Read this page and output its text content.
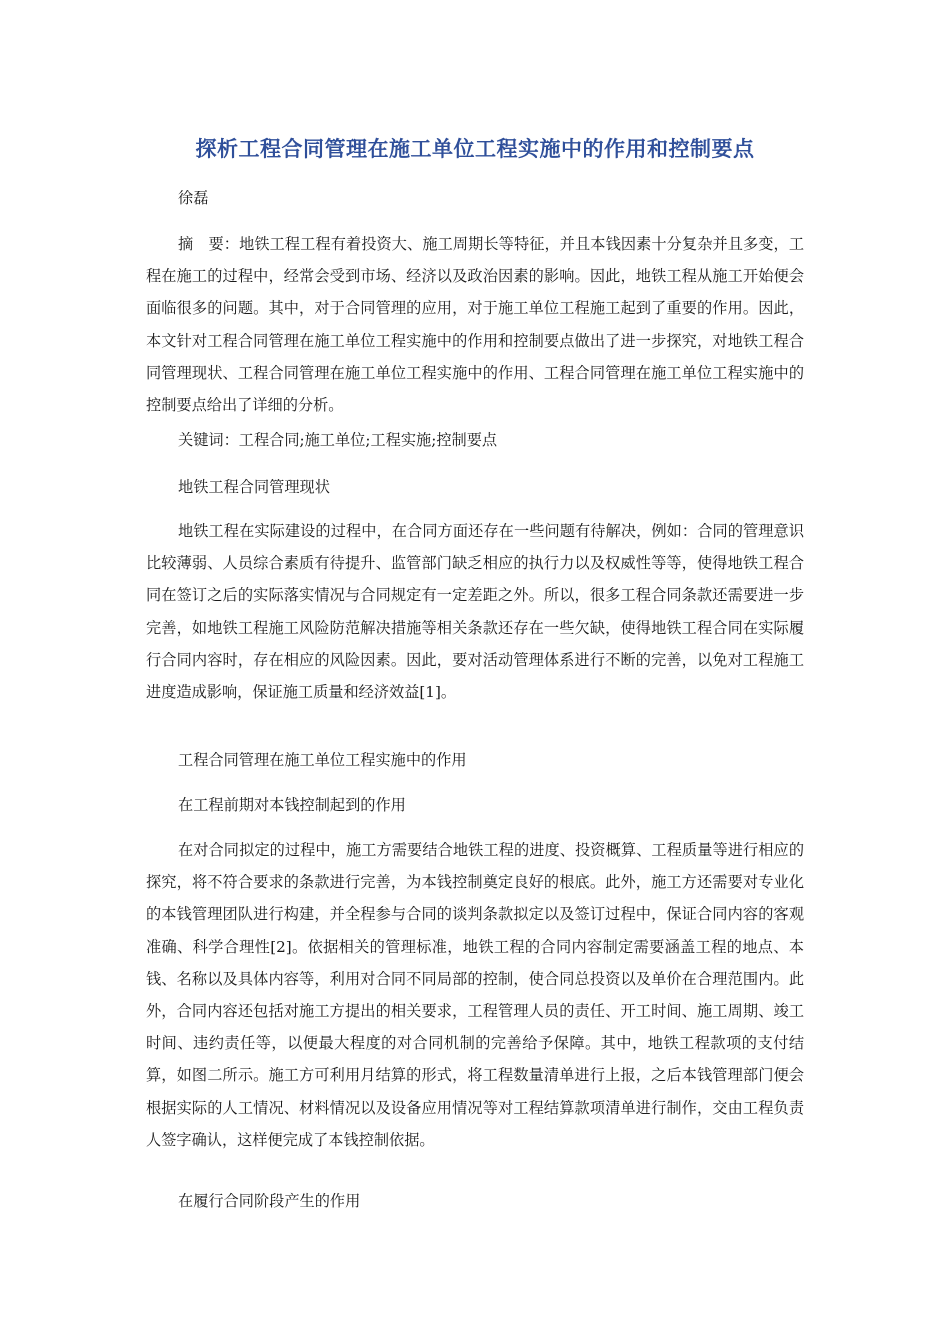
探析工程合同管理在施工单位工程实施中的作用和控制要点
徐磊

摘　要：地铁工程工程有着投资大、施工周期长等特征，并且本钱因素十分复杂并且多变，工程在施工的过程中，经常会受到市场、经济以及政治因素的影响。因此，地铁工程从施工开始便会面临很多的问题。其中，对于合同管理的应用，对于施工单位工程施工起到了重要的作用。因此，本文针对工程合同管理在施工单位工程实施中的作用和控制要点做出了进一步探究，对地铁工程合同管理现状、工程合同管理在施工单位工程实施中的作用、工程合同管理在施工单位工程实施中的控制要点给出了详细的分析。

关键词：工程合同;施工单位;工程实施;控制要点
地铁工程合同管理现状

地铁工程在实际建设的过程中，在合同方面还存在一些问题有待解决，例如：合同的管理意识比较薄弱、人员综合素质有待提升、监管部门缺乏相应的执行力以及权威性等等，使得地铁工程合同在签订之后的实际落实情况与合同规定有一定差距之外。所以，很多工程合同条款还需要进一步完善，如地铁工程施工风险防范解决措施等相关条款还存在一些欠缺，使得地铁工程合同在实际履行合同内容时，存在相应的风险因素。因此，要对活动管理体系进行不断的完善，以免对工程施工进度造成影响，保证施工质量和经济效益[1]。

工程合同管理在施工单位工程实施中的作用
在工程前期对本钱控制起到的作用

在对合同拟定的过程中，施工方需要结合地铁工程的进度、投资概算、工程质量等进行相应的探究，将不符合要求的条款进行完善，为本钱控制奠定良好的根底。此外，施工方还需要对专业化的本钱管理团队进行构建，并全程参与合同的谈判条款拟定以及签订过程中，保证合同内容的客观准确、科学合理性[2]。依据相关的管理标准，地铁工程的合同内容制定需要涵盖工程的地点、本钱、名称以及具体内容等，利用对合同不同局部的控制，使合同总投资以及单价在合理范围内。此外，合同内容还包括对施工方提出的相关要求，工程管理人员的责任、开工时间、施工周期、竣工时间、违约责任等，以便最大程度的对合同机制的完善给予保障。其中，地铁工程款项的支付结算，如图二所示。施工方可利用月结算的形式，将工程数量清单进行上报，之后本钱管理部门便会根据实际的人工情况、材料情况以及设备应用情况等对工程结算款项清单进行制作，交由工程负责人签字确认，这样便完成了本钱控制依据。

在履行合同阶段产生的作用
